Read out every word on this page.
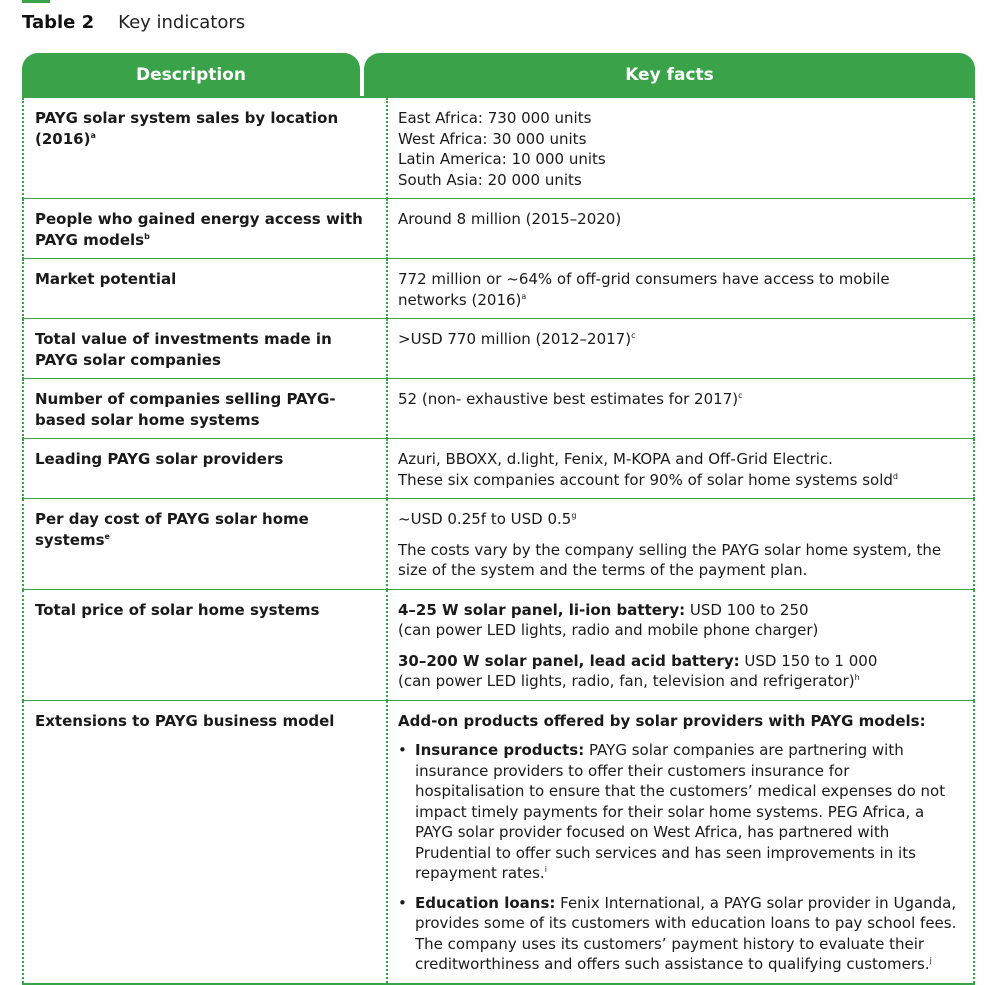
Table 2 Key indicators
Description	Key facts
PAYG solar system sales by location $(2016)^a$	East Africa: 730 000 units
West Africa: 30 000 units
Latin America: 10 000 units
South Asia: 20 000 units

People who gained energy access with PAYG models$^b$	Around 8 million (2015–2020)
Market potential	772 million or ~64% of off-grid consumers have access to mobile networks $(2016)^a$
Total value of investments made in PAYG solar companies	>USD 770 million (2012–2017)$^c$
Number of companies selling PAYG-based solar home systems	52 (non- exhaustive best estimates for 2017)$^c$
Leading PAYG solar providers	Azuri, BBOXX, d.light, Fenix, M-KOPA and Off-Grid Electric.
These six companies account for 90% of solar home systems sold$^d$

Per day cost of PAYG solar home systems$^e$	~USD 0.25f to USD 0.5$^g$

The costs vary by the company selling the PAYG solar home system, the size of the system and the terms of the payment plan.

Total price of solar home systems	4–25 W solar panel, li-ion battery: USD 100 to 250
(can power LED lights, radio and mobile phone charger)

30–200 W solar panel, lead acid battery: USD 150 to 1 000
(can power LED lights, radio, fan, television and refrigerator)$^h$

Extensions to PAYG business model	Add-on products offered by solar providers with PAYG models:

• Insurance products: PAYG solar companies are partnering with insurance providers to offer their customers insurance for hospitalisation to ensure that the customers’ medical expenses do not impact timely payments for their solar home systems. PEG Africa, a PAYG solar provider focused on West Africa, has partnered with Prudential to offer such services and has seen improvements in its repayment rates.$^i$
• Education loans: Fenix International, a PAYG solar provider in Uganda, provides some of its customers with education loans to pay school fees. The company uses its customers’ payment history to evaluate their creditworthiness and offers such assistance to qualifying customers.$^j$
